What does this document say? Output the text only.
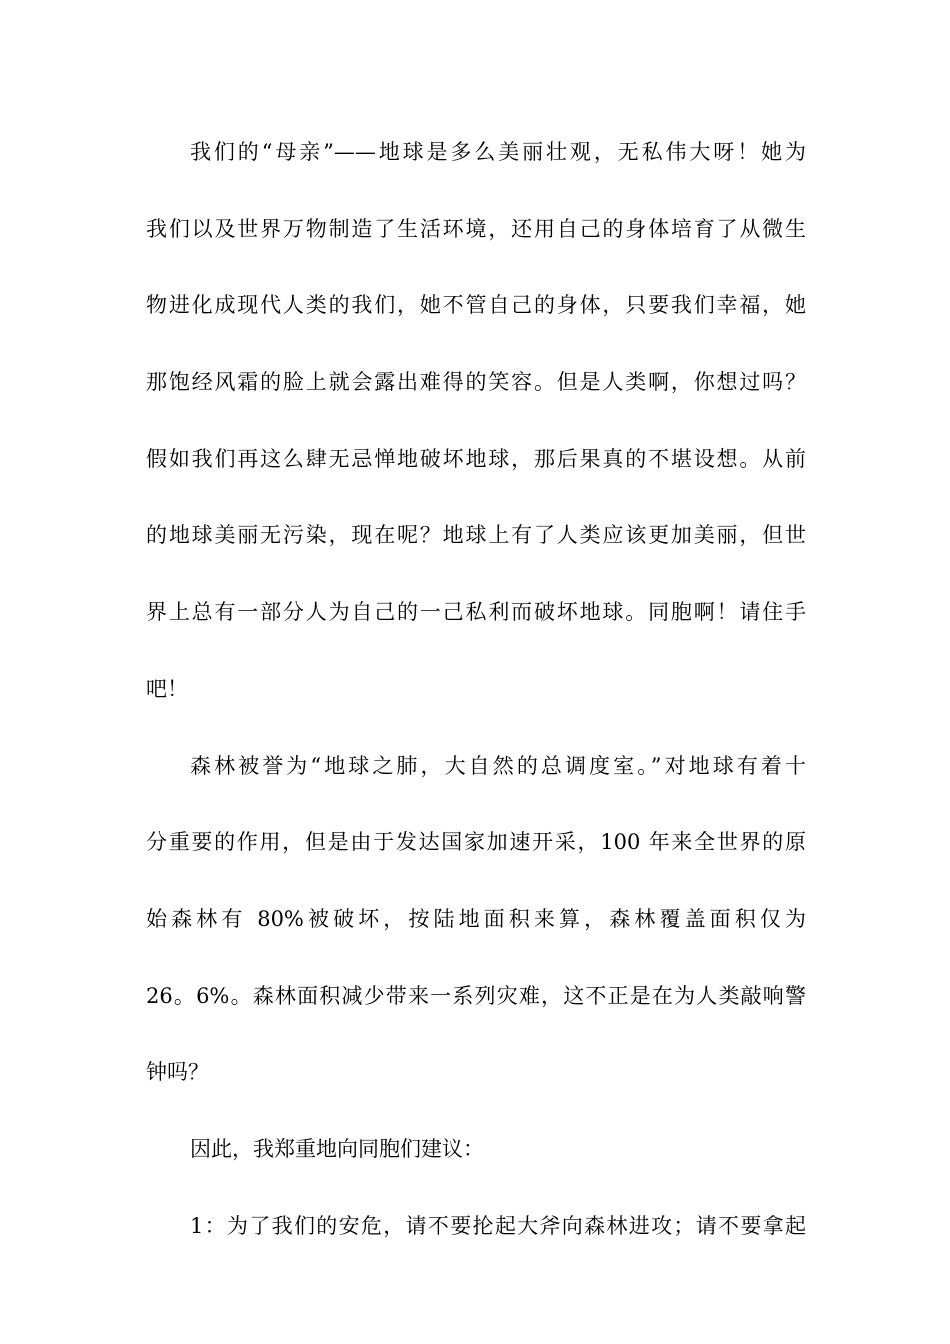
我们的“母亲”——地球是多么美丽壮观，无私伟大呀！她为
我们以及世界万物制造了生活环境，还用自己的身体培育了从微生
物进化成现代人类的我们，她不管自己的身体，只要我们幸福，她
那饱经风霜的脸上就会露出难得的笑容。但是人类啊，你想过吗？
假如我们再这么肆无忌惮地破坏地球，那后果真的不堪设想。从前
的地球美丽无污染，现在呢？地球上有了人类应该更加美丽，但世
界上总有一部分人为自己的一己私利而破坏地球。同胞啊！请住手
吧！
森林被誉为“地球之肺，大自然的总调度室。”对地球有着十
分重要的作用，但是由于发达国家加速开采，100 年来全世界的原
始森林有 80%被破坏，按陆地面积来算，森林覆盖面积仅为
26。6%。森林面积减少带来一系列灾难，这不正是在为人类敲响警
钟吗？
因此，我郑重地向同胞们建议：
1：为了我们的安危，请不要抡起大斧向森林进攻；请不要拿起
